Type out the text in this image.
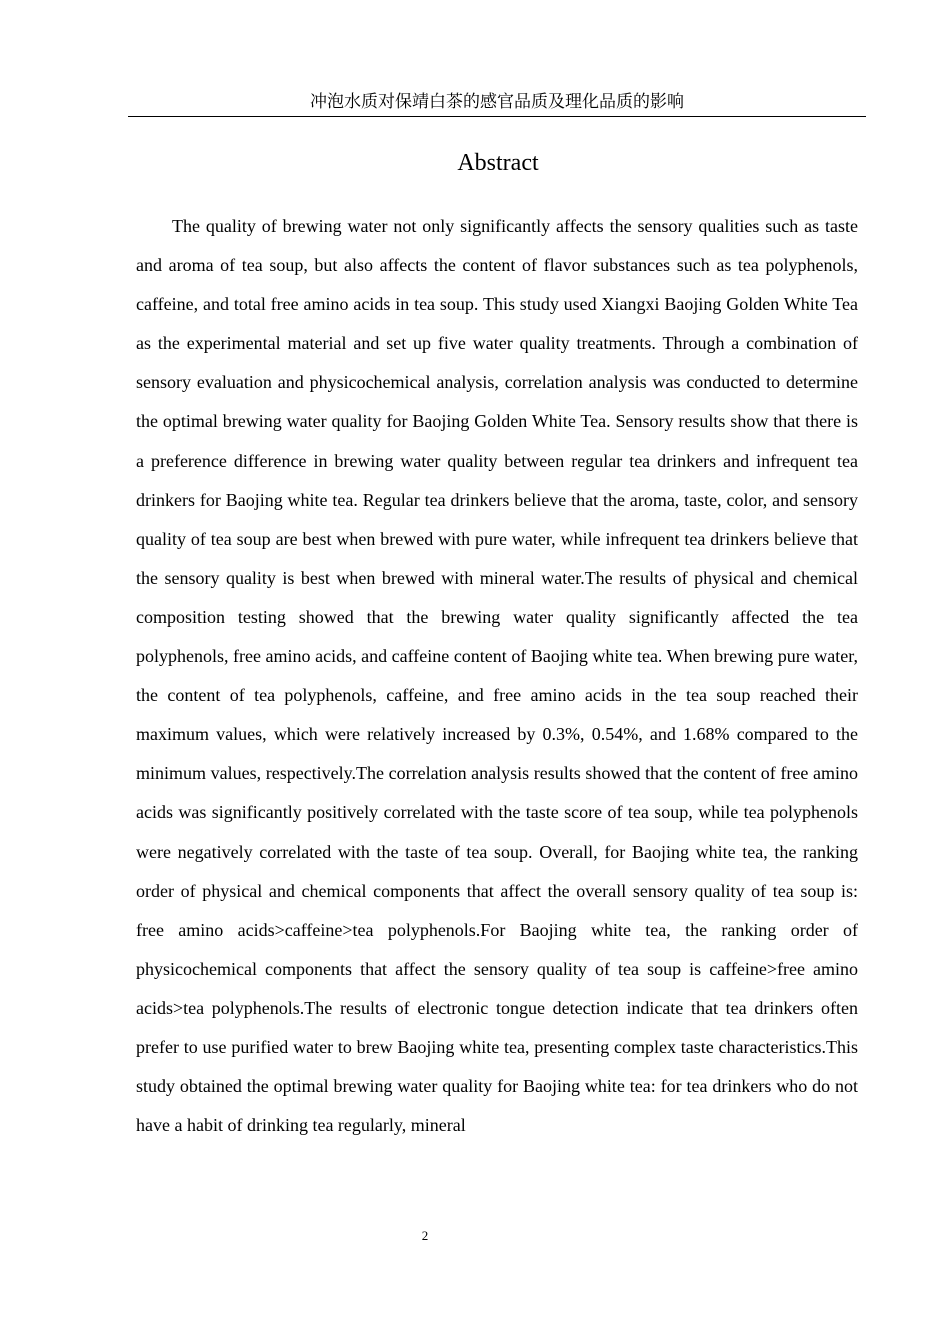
冲泡水质对保靖白茶的感官品质及理化品质的影响
Abstract

The quality of brewing water not only significantly affects the sensory qualities such as taste and aroma of tea soup, but also affects the content of flavor substances such as tea polyphenols, caffeine, and total free amino acids in tea soup. This study used Xiangxi Baojing Golden White Tea as the experimental material and set up five water quality treatments. Through a combination of sensory evaluation and physicochemical analysis, correlation analysis was conducted to determine the optimal brewing water quality for Baojing Golden White Tea. Sensory results show that there is a preference difference in brewing water quality between regular tea drinkers and infrequent tea drinkers for Baojing white tea. Regular tea drinkers believe that the aroma, taste, color, and sensory quality of tea soup are best when brewed with pure water, while infrequent tea drinkers believe that the sensory quality is best when brewed with mineral water.The results of physical and chemical composition testing showed that the brewing water quality significantly affected the tea polyphenols, free amino acids, and caffeine content of Baojing white tea. When brewing pure water, the content of tea polyphenols, caffeine, and free amino acids in the tea soup reached their maximum values, which were relatively increased by 0.3%, 0.54%, and 1.68% compared to the minimum values, respectively.The correlation analysis results showed that the content of free amino acids was significantly positively correlated with the taste score of tea soup, while tea polyphenols were negatively correlated with the taste of tea soup. Overall, for Baojing white tea, the ranking order of physical and chemical components that affect the overall sensory quality of tea soup is: free amino acids>caffeine>tea polyphenols.For Baojing white tea, the ranking order of physicochemical components that affect the sensory quality of tea soup is caffeine>free amino acids>tea polyphenols.The results of electronic tongue detection indicate that tea drinkers often prefer to use purified water to brew Baojing white tea, presenting complex taste characteristics.This study obtained the optimal brewing water quality for Baojing white tea: for tea drinkers who do not have a habit of drinking tea regularly, mineral

2
